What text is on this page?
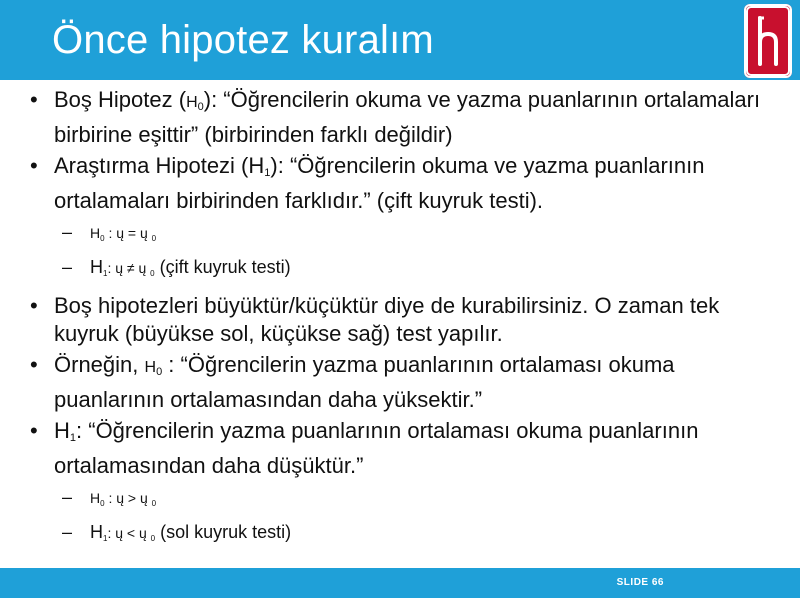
Önce hipotez kuralım
• Boş Hipotez $(H_0)$: “Öğrencilerin okuma ve yazma puanlarının ortalamaları birbirine eşittir” (birbirinden farklı değildir)
• Araştırma Hipotezi $(H_1)$: “Öğrencilerin okuma ve yazma puanlarının ortalamaları birbirinden farklıdır.” (çift kuyruk testi).
– $H_0$ : ų = ų $_0$
– $H_1$: ų ≠ ų $_0$ (çift kuyruk testi)
• Boş hipotezleri büyüktür/küçüktür diye de kurabilirsiniz. O zaman tek kuyruk (büyükse sol, küçükse sağ) test yapılır.
• Örneğin, $H_0$ : “Öğrencilerin yazma puanlarının ortalaması okuma puanlarının ortalamasından daha yüksektir.”
• $H_1$: “Öğrencilerin yazma puanlarının ortalaması okuma puanlarının ortalamasından daha düşüktür.”
– $H_0$ : ų > ų $_0$
– $H_1$: ų < ų $_0$ (sol kuyruk testi)
SLIDE 66
